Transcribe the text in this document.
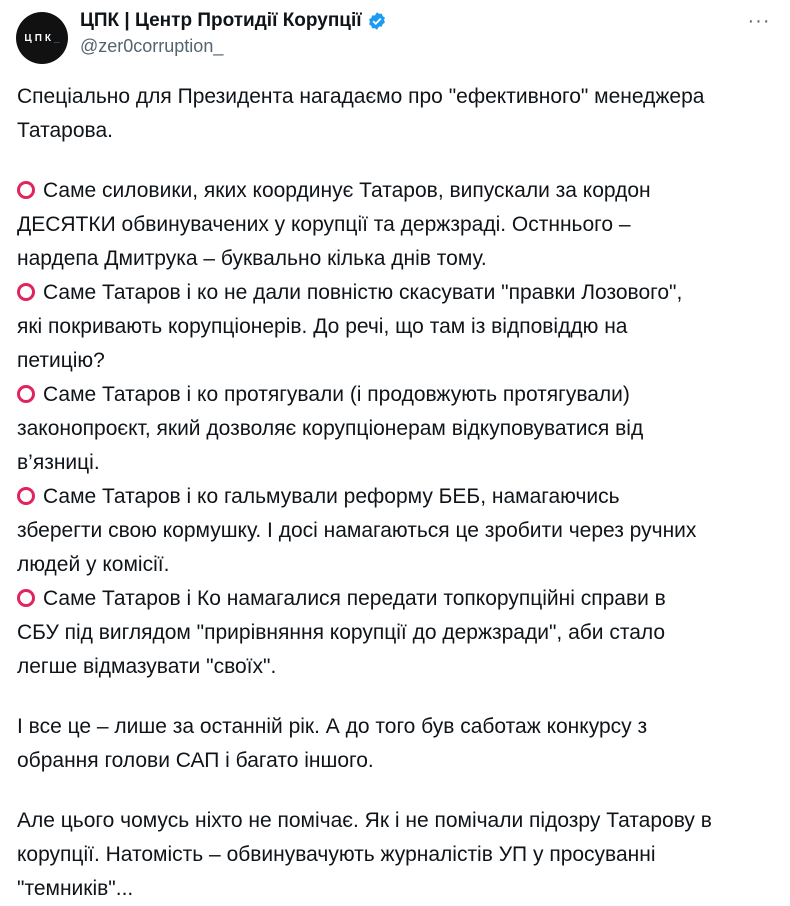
ЦПК _
ЦПК | Центр Протидії Корупції
@zer0corruption_
···
Спеціально для Президента нагадаємо про "ефективного" менеджера
Татарова.
Саме силовики, яких координує Татаров, випускали за кордон
ДЕСЯТКИ обвинувачених у корупції та держзраді. Остннього –
нардепа Дмитрука – буквально кілька днів тому.
Саме Татаров і ко не дали повністю скасувати "правки Лозового",
які покривають корупціонерів. До речі, що там із відповіддю на
петицію?
Саме Татаров і ко протягували (і продовжують протягували)
законопроєкт, який дозволяє корупціонерам відкуповуватися від
в’язниці.
Саме Татаров і ко гальмували реформу БЕБ, намагаючись
зберегти свою кормушку. І досі намагаються це зробити через ручних
людей у комісії.
Саме Татаров і Ко намагалися передати топкорупційні справи в
СБУ під виглядом "прирівняння корупції до держзради", аби стало
легше відмазувати "своїх".
І все це – лише за останній рік. А до того був саботаж конкурсу з
обрання голови САП і багато іншого.
Але цього чомусь ніхто не помічає. Як і не помічали підозру Татарову в
корупції. Натомість – обвинувачують журналістів УП у просуванні
"темників"...
